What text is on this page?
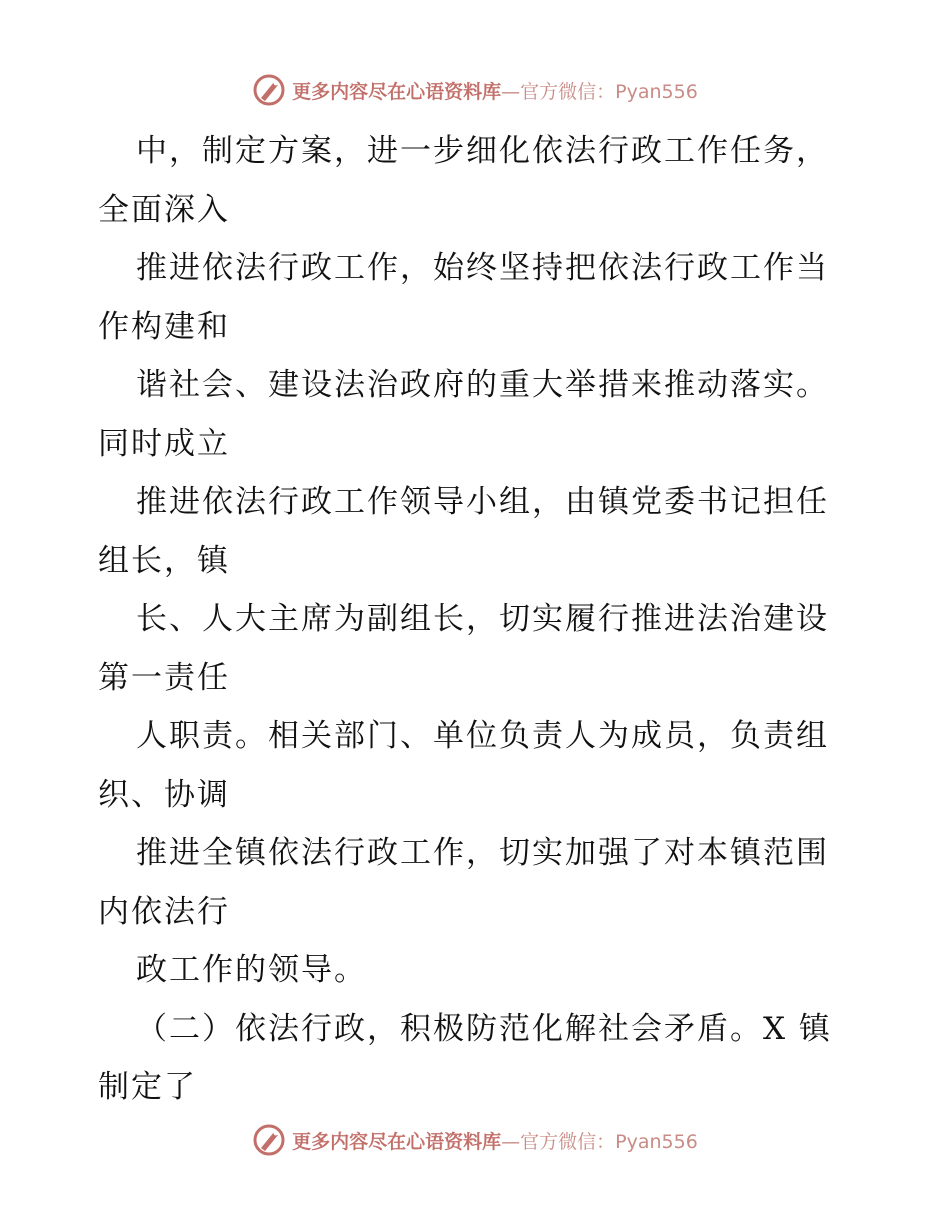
更多内容尽在心语资料库—官方微信：Pyan556
中，制定方案，进一步细化依法行政工作任务，
全面深入
推进依法行政工作，始终坚持把依法行政工作当
作构建和
谐社会、建设法治政府的重大举措来推动落实。
同时成立
推进依法行政工作领导小组，由镇党委书记担任
组长，镇
长、人大主席为副组长，切实履行推进法治建设
第一责任
人职责。相关部门、单位负责人为成员，负责组
织、协调
推进全镇依法行政工作，切实加强了对本镇范围
内依法行
政工作的领导。
（二）依法行政，积极防范化解社会矛盾。X 镇
制定了
更多内容尽在心语资料库—官方微信：Pyan556
